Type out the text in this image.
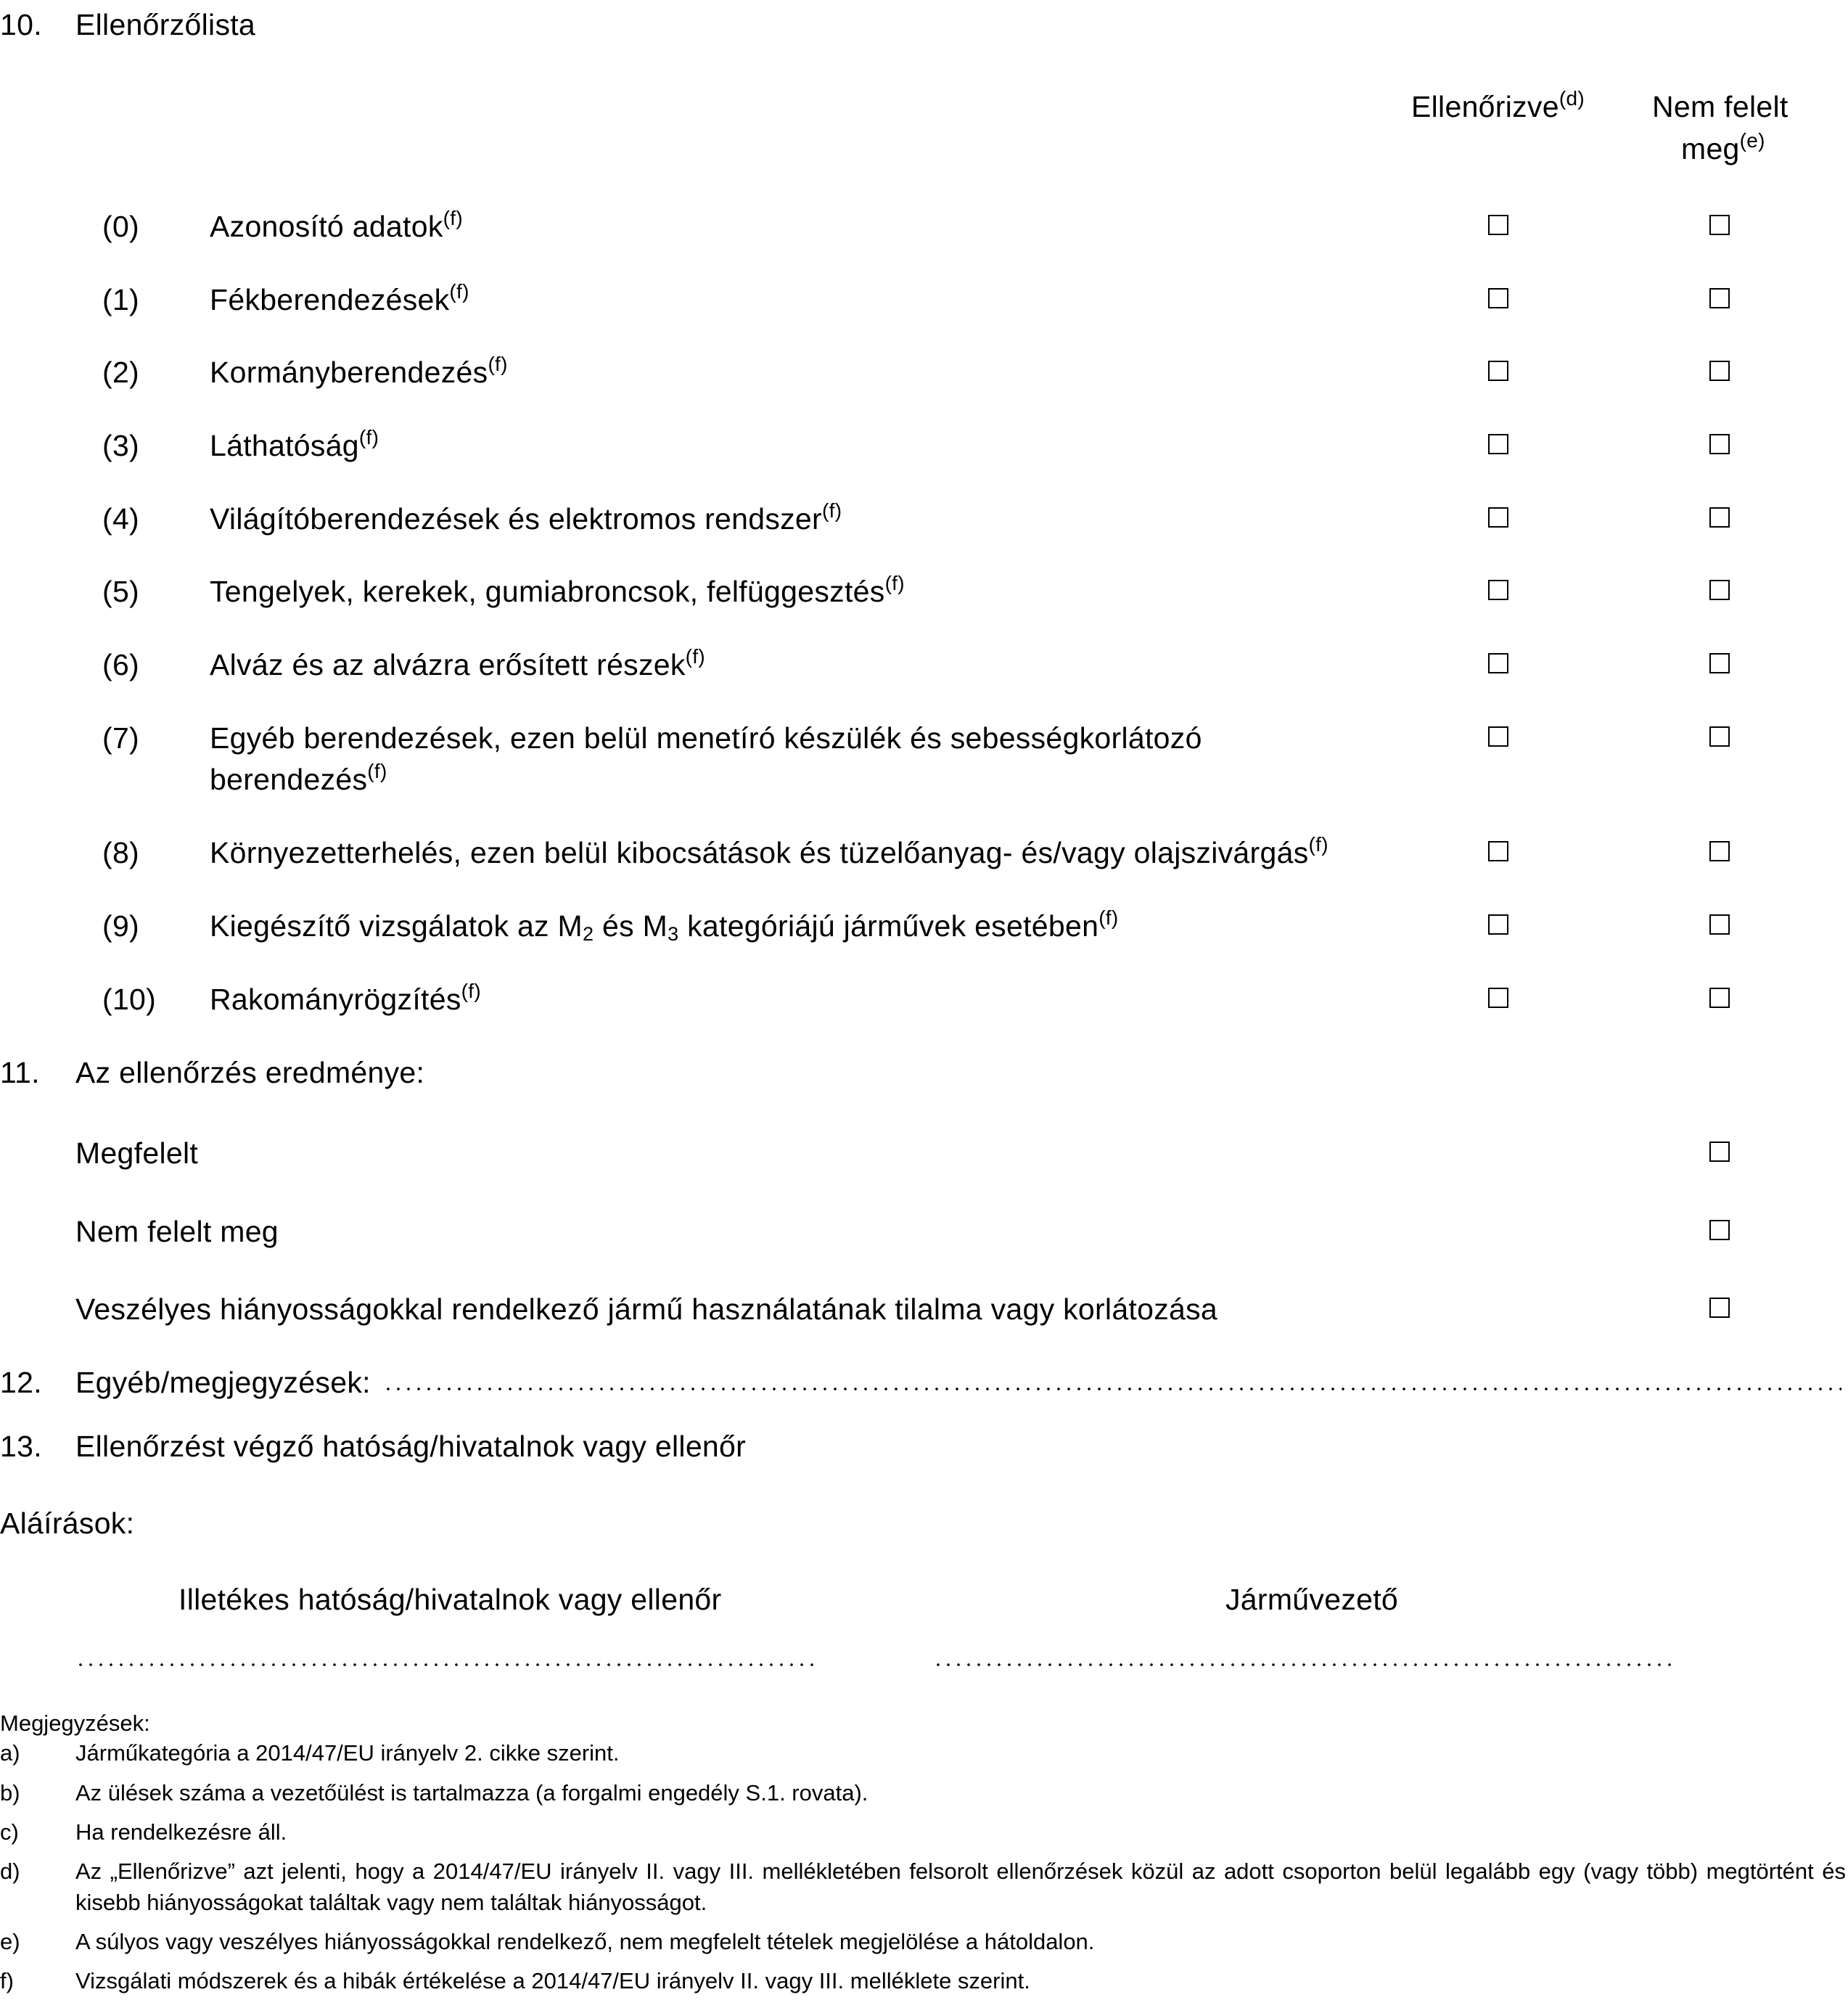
10. Ellenőrzőlista
Ellenőrizve$^{(d)}$ Nem felelt
meg$^{(e)}$
(0) Azonosító adatok$^{(f)}$
(1) Fékberendezések$^{(f)}$
(2) Kormányberendezés$^{(f)}$
(3) Láthatóság$^{(f)}$
(4) Világítóberendezések és elektromos rendszer$^{(f)}$
(5) Tengelyek, kerekek, gumiabroncsok, felfüggesztés$^{(f)}$
(6) Alváz és az alvázra erősített részek$^{(f)}$
(7) Egyéb berendezések, ezen belül menetíró készülék és sebességkorlátozó
berendezés$^{(f)}$
(8) Környezetterhelés, ezen belül kibocsátások és tüzelőanyag- és/vagy olajszivárgás$^{(f)}$
(9) Kiegészítő vizsgálatok az $M_2$ és $M_3$ kategóriájú járművek esetében$^{(f)}$
(10) Rakományrögzítés$^{(f)}$
11. Az ellenőrzés eredménye:
Megfelelt
Nem felelt meg
Veszélyes hiányosságokkal rendelkező jármű használatának tilalma vagy korlátozása
12. Egyéb/megjegyzések:
13. Ellenőrzést végző hatóság/hivatalnok vagy ellenőr
Aláírások:
Illetékes hatóság/hivatalnok vagy ellenőr	Járművezető
Megjegyzések:
a) Járműkategória a 2014/47/EU irányelv 2. cikke szerint.
b) Az ülések száma a vezetőülést is tartalmazza (a forgalmi engedély S.1. rovata).
c)	Ha rendelkezésre áll.
d) Az „Ellenőrizve” azt jelenti, hogy a 2014/47/EU irányelv II. vagy III. mellékletében felsorolt ellenőrzések közül az adott csoporton belül legalább egy (vagy több) megtörtént és kisebb hiányosságokat találtak vagy nem találtak hiányosságot.
e) A súlyos vagy veszélyes hiányosságokkal rendelkező, nem megfelelt tételek megjelölése a hátoldalon.
f)	Vizsgálati módszerek és a hibák értékelése a 2014/47/EU irányelv II. vagy III. melléklete szerint.
